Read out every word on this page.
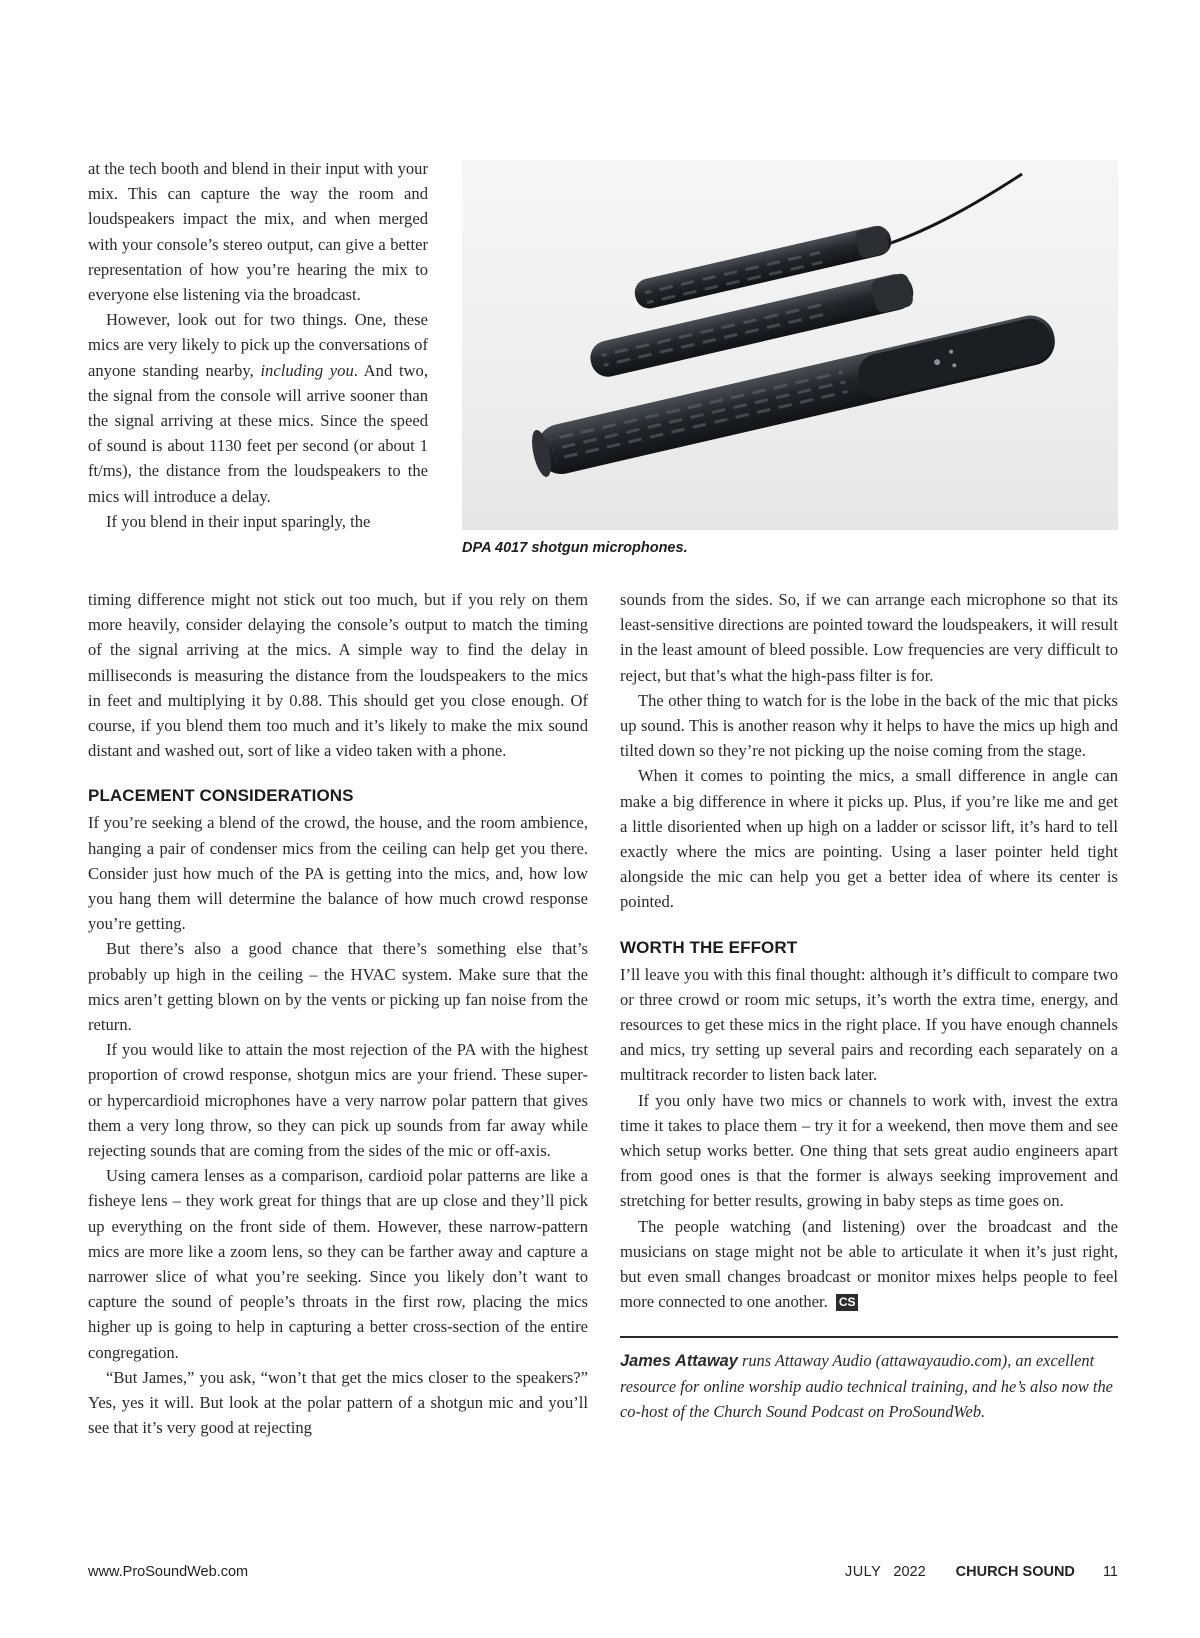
at the tech booth and blend in their input with your mix. This can capture the way the room and loudspeakers impact the mix, and when merged with your console’s stereo output, can give a better representation of how you’re hearing the mix to everyone else listening via the broadcast.

However, look out for two things. One, these mics are very likely to pick up the conversations of anyone standing nearby, including you. And two, the signal from the console will arrive sooner than the signal arriving at these mics. Since the speed of sound is about 1130 feet per second (or about 1 ft/ms), the distance from the loudspeakers to the mics will introduce a delay.

If you blend in their input sparingly, the

DPA 4017 shotgun microphones.

timing difference might not stick out too much, but if you rely on them more heavily, consider delaying the console’s output to match the timing of the signal arriving at the mics. A simple way to find the delay in milliseconds is measuring the distance from the loudspeakers to the mics in feet and multiplying it by 0.88. This should get you close enough. Of course, if you blend them too much and it’s likely to make the mix sound distant and washed out, sort of like a video taken with a phone.

PLACEMENT CONSIDERATIONS

If you’re seeking a blend of the crowd, the house, and the room ambience, hanging a pair of condenser mics from the ceiling can help get you there. Consider just how much of the PA is getting into the mics, and, how low you hang them will determine the balance of how much crowd response you’re getting.

But there’s also a good chance that there’s something else that’s probably up high in the ceiling – the HVAC system. Make sure that the mics aren’t getting blown on by the vents or picking up fan noise from the return.

If you would like to attain the most rejection of the PA with the highest proportion of crowd response, shotgun mics are your friend. These super- or hypercardioid microphones have a very narrow polar pattern that gives them a very long throw, so they can pick up sounds from far away while rejecting sounds that are coming from the sides of the mic or off-axis.

Using camera lenses as a comparison, cardioid polar patterns are like a fisheye lens – they work great for things that are up close and they’ll pick up everything on the front side of them. However, these narrow-pattern mics are more like a zoom lens, so they can be farther away and capture a narrower slice of what you’re seeking. Since you likely don’t want to capture the sound of people’s throats in the first row, placing the mics higher up is going to help in capturing a better cross-section of the entire congregation.

“But James,” you ask, “won’t that get the mics closer to the speakers?” Yes, yes it will. But look at the polar pattern of a shotgun mic and you’ll see that it’s very good at rejecting

sounds from the sides. So, if we can arrange each microphone so that its least-sensitive directions are pointed toward the loudspeakers, it will result in the least amount of bleed possible. Low frequencies are very difficult to reject, but that’s what the high-pass filter is for.

The other thing to watch for is the lobe in the back of the mic that picks up sound. This is another reason why it helps to have the mics up high and tilted down so they’re not picking up the noise coming from the stage.

When it comes to pointing the mics, a small difference in angle can make a big difference in where it picks up. Plus, if you’re like me and get a little disoriented when up high on a ladder or scissor lift, it’s hard to tell exactly where the mics are pointing. Using a laser pointer held tight alongside the mic can help you get a better idea of where its center is pointed.

WORTH THE EFFORT

I’ll leave you with this final thought: although it’s difficult to compare two or three crowd or room mic setups, it’s worth the extra time, energy, and resources to get these mics in the right place. If you have enough channels and mics, try setting up several pairs and recording each separately on a multitrack recorder to listen back later.

If you only have two mics or channels to work with, invest the extra time it takes to place them – try it for a weekend, then move them and see which setup works better. One thing that sets great audio engineers apart from good ones is that the former is always seeking improvement and stretching for better results, growing in baby steps as time goes on.

The people watching (and listening) over the broadcast and the musicians on stage might not be able to articulate it when it’s just right, but even small changes broadcast or monitor mixes helps people to feel more connected to one another. CS

James Attaway runs Attaway Audio (attawayaudio.com), an excellent resource for online worship audio technical training, and he’s also now the co-host of the Church Sound Podcast on ProSoundWeb.
www.ProSoundWeb.com	JULY 2022 CHURCH SOUND 11
